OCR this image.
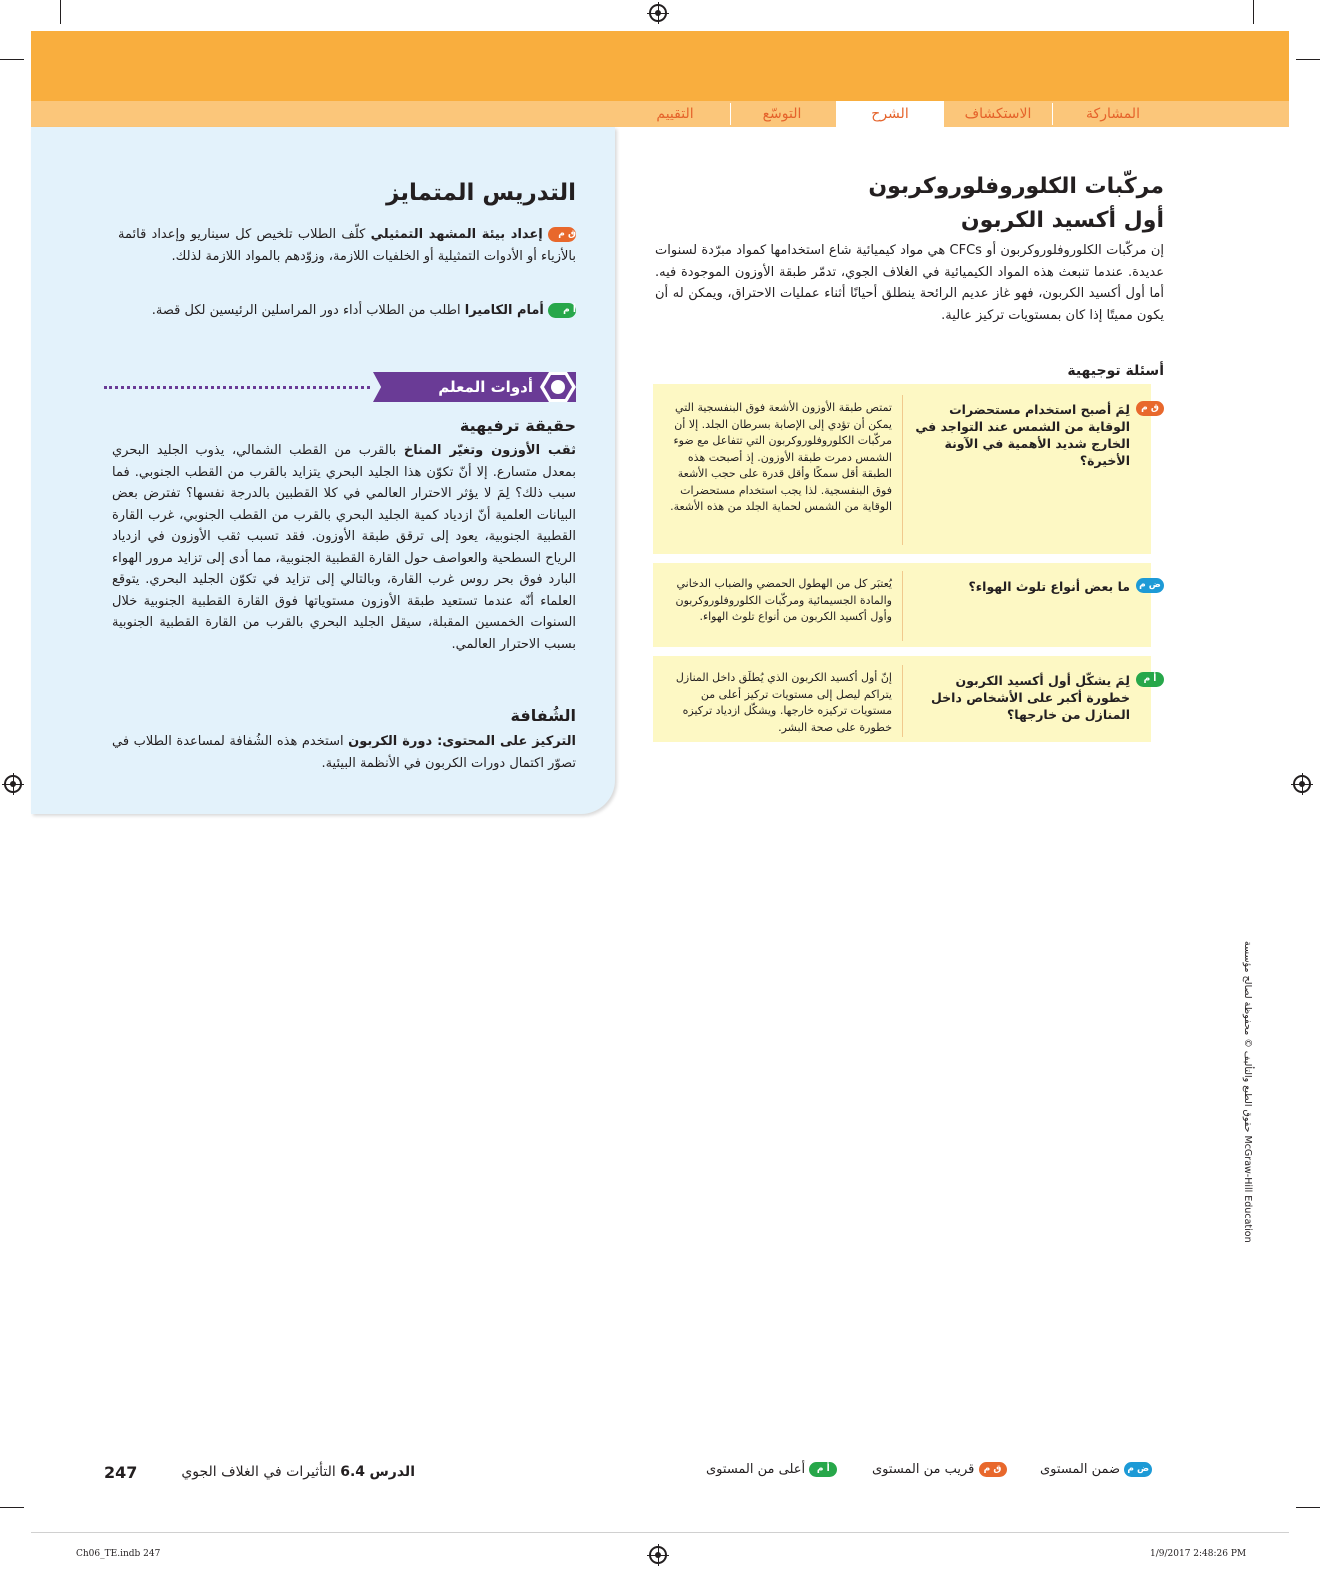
المشاركة
الاستكشاف
الشرح
التوسّع
التقييم
مركّبات الكلوروفلوروكربون
أول أكسيد الكربون
إن مركّبات الكلوروفلوروكربون أو CFCs هي مواد كيميائية شاع استخدامها كمواد مبرّدة لسنوات عديدة. عندما تنبعث هذه المواد الكيميائية في الغلاف الجوي، تدمّر طبقة الأوزون الموجودة فيه. أما أول أكسيد الكربون، فهو غاز عديم الرائحة ينطلق أحيانًا أثناء عمليات الاحتراق، ويمكن له أن يكون مميتًا إذا كان بمستويات تركيز عالية.
أسئلة توجيهية
ق م
لِمَ أصبح استخدام مستحضرات الوقاية من الشمس عند التواجد في الخارج شديد الأهمية في الآونة الأخيرة؟
تمتص طبقة الأوزون الأشعة فوق البنفسجية التي يمكن أن تؤدي إلى الإصابة بسرطان الجلد. إلا أن مركّبات الكلوروفلوروكربون التي تتفاعل مع ضوء الشمس دمرت طبقة الأوزون. إذ أصبحت هذه الطبقة أقل سمكًا وأقل قدرة على حجب الأشعة فوق البنفسجية. لذا يجب استخدام مستحضرات الوقاية من الشمس لحماية الجلد من هذه الأشعة.
ض م
ما بعض أنواع تلوث الهواء؟
يُعتبَر كل من الهطول الحمضي والضباب الدخاني والمادة الجسيمائية ومركّبات الكلوروفلوروكربون وأول أكسيد الكربون من أنواع تلوث الهواء.
أ م
لِمَ يشكّل أول أكسيد الكربون خطورة أكبر على الأشخاص داخل المنازل من خارجها؟
إنّ أول أكسيد الكربون الذي يُطلَق داخل المنازل يتراكم ليصل إلى مستويات تركيز أعلى من مستويات تركيزه خارجها. ويشكّل ازدياد تركيزه خطورة على صحة البشر.
التدريس المتمايز
ق م إعداد بيئة المشهد التمثيلي كلّف الطلاب تلخيص كل سيناريو وإعداد قائمة بالأزياء أو الأدوات التمثيلية أو الخلفيات اللازمة، وزوّدهم بالمواد اللازمة لذلك.
أ م أمام الكاميرا اطلب من الطلاب أداء دور المراسلين الرئيسين لكل قصة.
أدوات المعلم
حقيقة ترفيهية
ثقب الأوزون وتغيّر المناخ بالقرب من القطب الشمالي، يذوب الجليد البحري بمعدل متسارع. إلا أنّ تكوّن هذا الجليد البحري يتزايد بالقرب من القطب الجنوبي. فما سبب ذلك؟ لِمَ لا يؤثر الاحترار العالمي في كلا القطبين بالدرجة نفسها؟ تفترض بعض البيانات العلمية أنّ ازدياد كمية الجليد البحري بالقرب من القطب الجنوبي، غرب القارة القطبية الجنوبية، يعود إلى ترقق طبقة الأوزون. فقد تسبب ثقب الأوزون في ازدياد الرياح السطحية والعواصف حول القارة القطبية الجنوبية، مما أدى إلى تزايد مرور الهواء البارد فوق بحر روس غرب القارة، وبالتالي إلى تزايد في تكوّن الجليد البحري. يتوقع العلماء أنّه عندما تستعيد طبقة الأوزون مستوياتها فوق القارة القطبية الجنوبية خلال السنوات الخمسين المقبلة، سيقل الجليد البحري بالقرب من القارة القطبية الجنوبية بسبب الاحترار العالمي.
الشُفافة
التركيز على المحتوى: دورة الكربون استخدم هذه الشُفافة لمساعدة الطلاب في تصوّر اكتمال دورات الكربون في الأنظمة البيئية.
حقوق الطبع والتأليف © محفوظة لصالح مؤسسة McGraw-Hill Education
ض م ضمن المستوى
ق م قريب من المستوى
أ م أعلى من المستوى
الدرس 6.4 التأثيرات في الغلاف الجوي
247
Ch06_TE.indb 247	1/9/2017 2:48:26 PM
